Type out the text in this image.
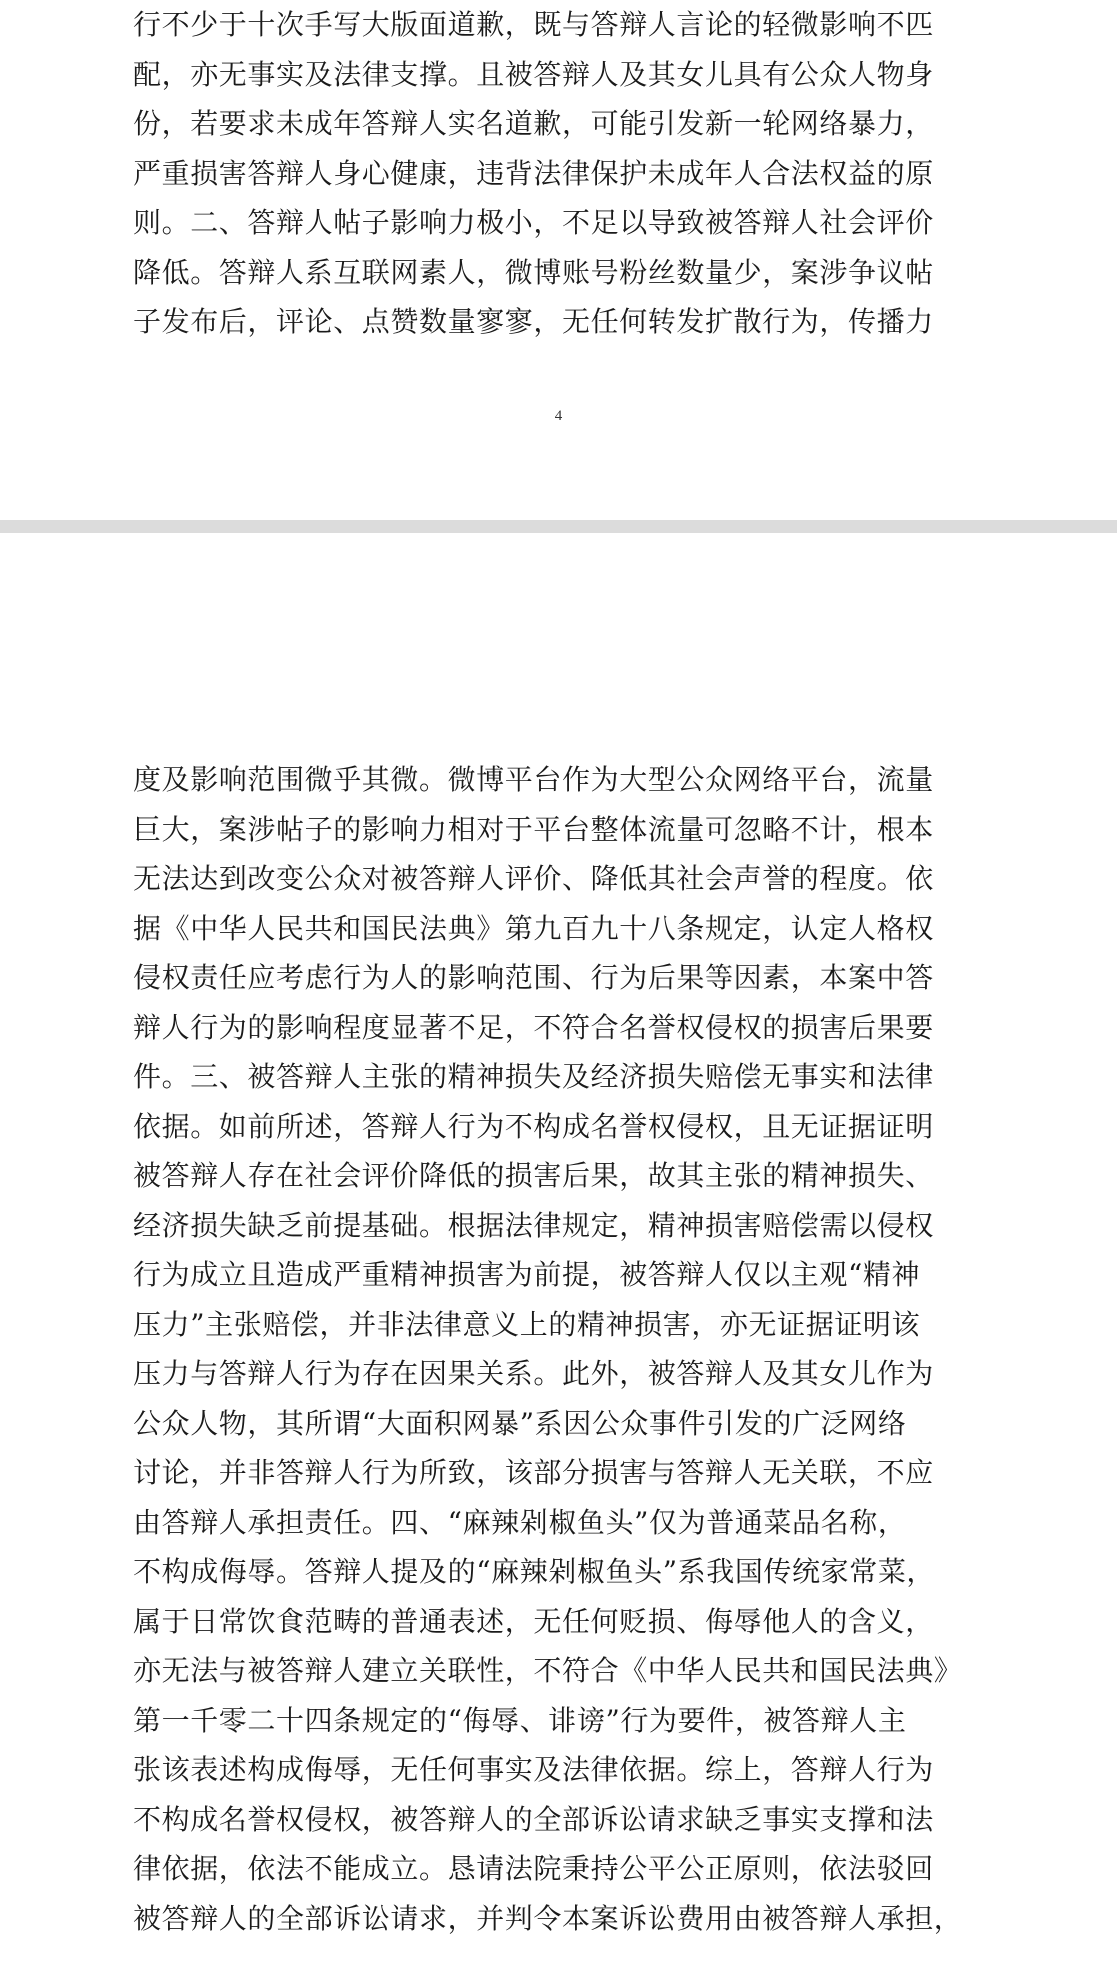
行不少于十次手写大版面道歉，既与答辩人言论的轻微影响不匹
配，亦无事实及法律支撑。且被答辩人及其女儿具有公众人物身
份，若要求未成年答辩人实名道歉，可能引发新一轮网络暴力，
严重损害答辩人身心健康，违背法律保护未成年人合法权益的原
则。二、答辩人帖子影响力极小，不足以导致被答辩人社会评价
降低。答辩人系互联网素人，微博账号粉丝数量少，案涉争议帖
子发布后，评论、点赞数量寥寥，无任何转发扩散行为，传播力
4
度及影响范围微乎其微。微博平台作为大型公众网络平台，流量
巨大，案涉帖子的影响力相对于平台整体流量可忽略不计，根本
无法达到改变公众对被答辩人评价、降低其社会声誉的程度。依
据《中华人民共和国民法典》第九百九十八条规定，认定人格权
侵权责任应考虑行为人的影响范围、行为后果等因素，本案中答
辩人行为的影响程度显著不足，不符合名誉权侵权的损害后果要
件。三、被答辩人主张的精神损失及经济损失赔偿无事实和法律
依据。如前所述，答辩人行为不构成名誉权侵权，且无证据证明
被答辩人存在社会评价降低的损害后果，故其主张的精神损失、
经济损失缺乏前提基础。根据法律规定，精神损害赔偿需以侵权
行为成立且造成严重精神损害为前提，被答辩人仅以主观“精神
压力”主张赔偿，并非法律意义上的精神损害，亦无证据证明该
压力与答辩人行为存在因果关系。此外，被答辩人及其女儿作为
公众人物，其所谓“大面积网暴”系因公众事件引发的广泛网络
讨论，并非答辩人行为所致，该部分损害与答辩人无关联，不应
由答辩人承担责任。四、“麻辣剁椒鱼头”仅为普通菜品名称，
不构成侮辱。答辩人提及的“麻辣剁椒鱼头”系我国传统家常菜，
属于日常饮食范畴的普通表述，无任何贬损、侮辱他人的含义，
亦无法与被答辩人建立关联性，不符合《中华人民共和国民法典》
第一千零二十四条规定的“侮辱、诽谤”行为要件，被答辩人主
张该表述构成侮辱，无任何事实及法律依据。综上，答辩人行为
不构成名誉权侵权，被答辩人的全部诉讼请求缺乏事实支撑和法
律依据，依法不能成立。恳请法院秉持公平公正原则，依法驳回
被答辩人的全部诉讼请求，并判令本案诉讼费用由被答辩人承担，
